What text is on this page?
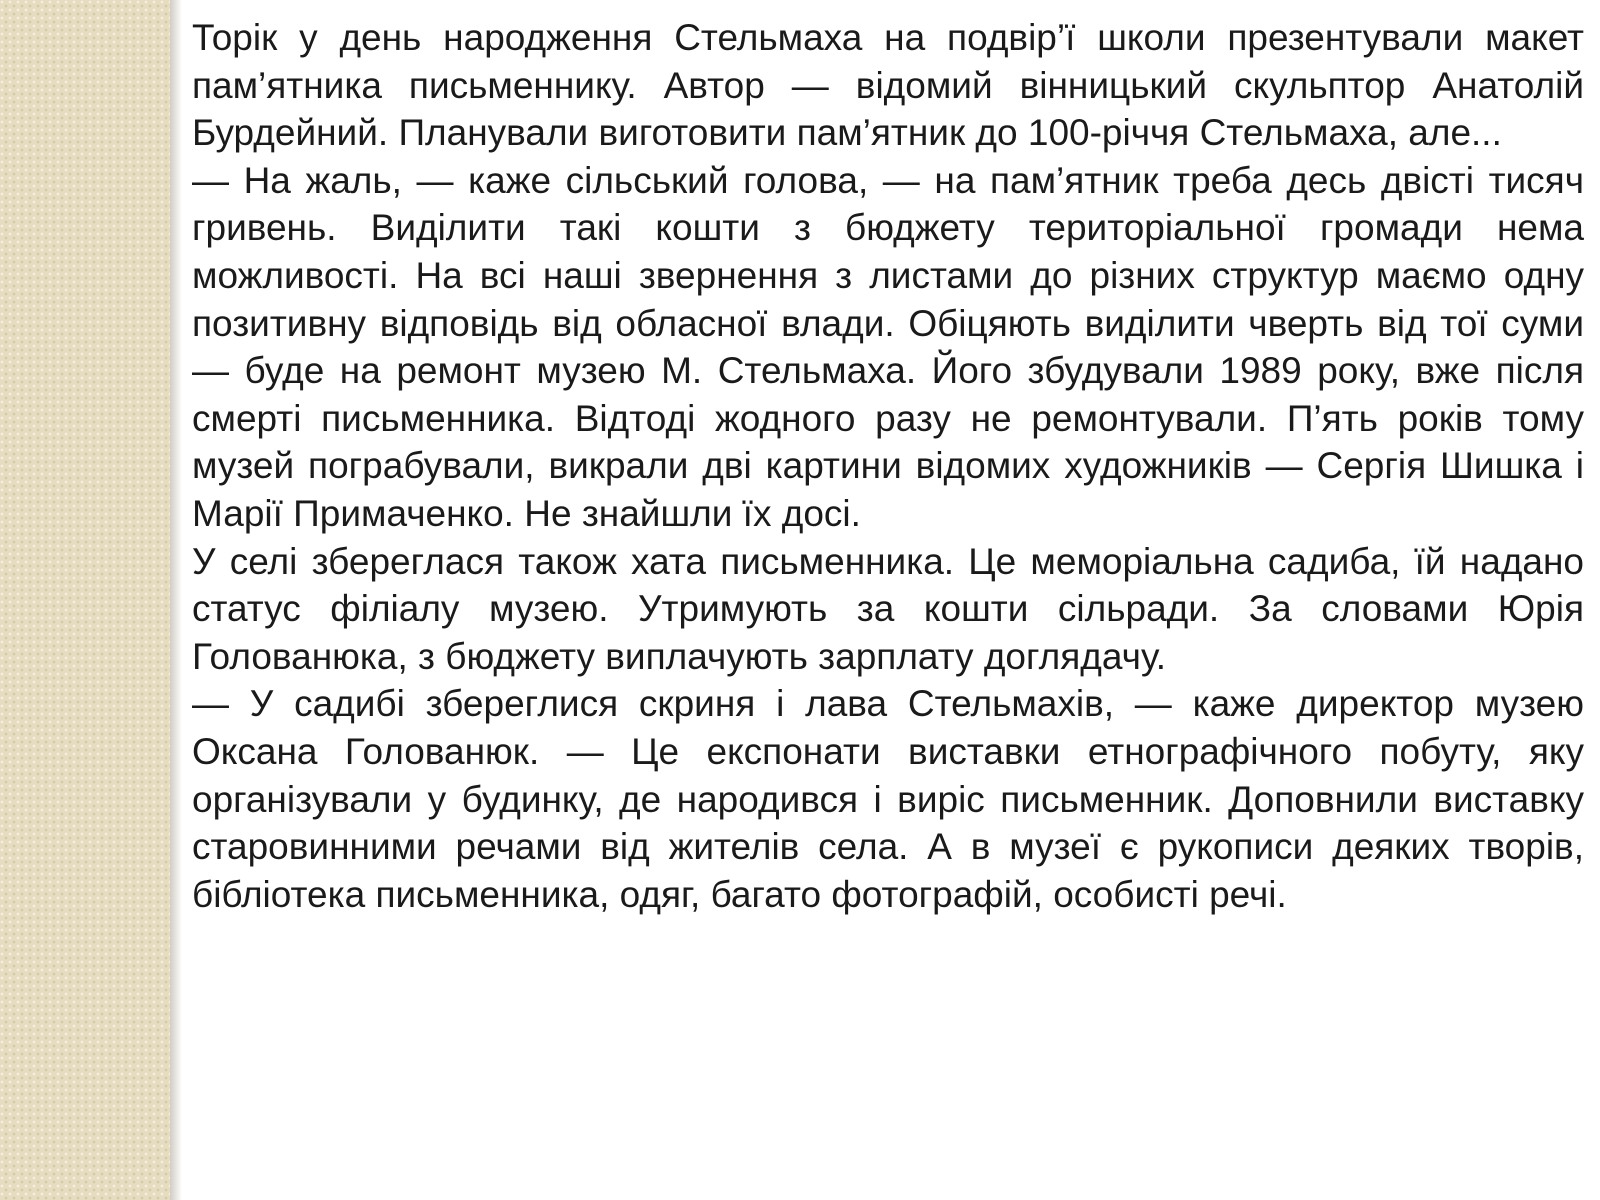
Торік у день народження Стельмаха на подвір’ї школи презентували макет пам’ятника письменнику. Автор — відомий вінницький скульптор Анатолій Бурдейний. Планували виготовити пам’ятник до 100-річчя Стельмаха, але...

— На жаль, — каже сільський голова, — на пам’ятник треба десь двісті тисяч гривень. Виділити такі кошти з бюджету територіальної громади нема можливості. На всі наші звернення з листами до різних структур маємо одну позитивну відповідь від обласної влади. Обіцяють виділити чверть від тої суми — буде на ремонт музею М. Стельмаха. Його збудували 1989 року, вже після смерті письменника. Відтоді жодного разу не ремонтували. П’ять років тому музей пограбували, викрали дві картини відомих художників — Сергія Шишка і Марії Примаченко. Не знайшли їх досі.

У селі збереглася також хата письменника. Це меморіальна садиба, їй надано статус філіалу музею. Утримують за кошти сільради. За словами Юрія Голованюка, з бюджету виплачують зарплату доглядачу.

— У садибі збереглися скриня і лава Стельмахів, — каже директор музею Оксана Голованюк. — Це експонати виставки етнографічного побуту, яку організували у будинку, де народився і виріс письменник. Доповнили виставку старовинними речами від жителів села. А в музеї є рукописи деяких творів, бібліотека письменника, одяг, багато фотографій, особисті речі.
